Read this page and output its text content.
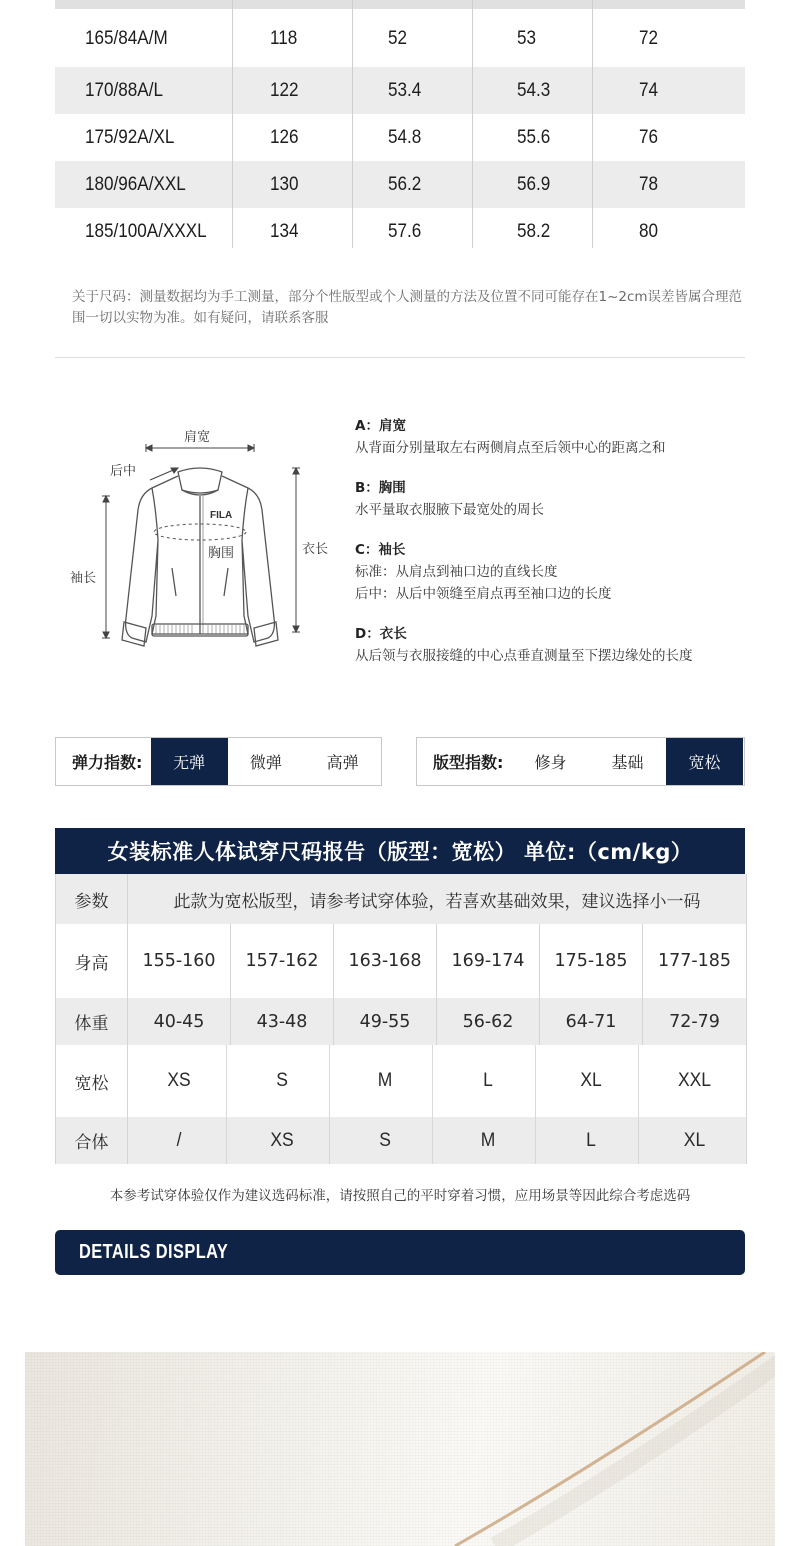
165/84A/M	118	52	53	72
170/88A/L	122	53.4	54.3	74
175/92A/XL	126	54.8	55.6	76
180/96A/XXL	130	56.2	56.9	78
185/100A/XXXL	134	57.6	58.2	80
关于尺码：测量数据均为手工测量，部分个性版型或个人测量的方法及位置不同可能存在1~2cm误差皆属合理范围一切以实物为准。如有疑问，请联系客服
肩宽
后中
胸围
袖长
衣长
FILA
A：肩宽
从背面分别量取左右两侧肩点至后领中心的距离之和
B：胸围
水平量取衣服腋下最宽处的周长
C：袖长
标准：从肩点到袖口边的直线长度
后中：从后中领缝至肩点再至袖口边的长度
D：衣长
从后领与衣服接缝的中心点垂直测量至下摆边缘处的长度
弹力指数:	无弹	微弹	高弹	版型指数:	修身	基础	宽松
女装标准人体试穿尺码报告（版型：宽松） 单位:（cm/kg）
参数	此款为宽松版型，请参考试穿体验，若喜欢基础效果，建议选择小一码
身高	155-160	157-162	163-168	169-174	175-185	177-185
体重	40-45	43-48	49-55	56-62	64-71	72-79
宽松	XS	S	M	L	XL	XXL
合体	/	XS	S	M	L	XL
本参考试穿体验仅作为建议选码标准，请按照自己的平时穿着习惯，应用场景等因此综合考虑选码
DETAILS DISPLAY
